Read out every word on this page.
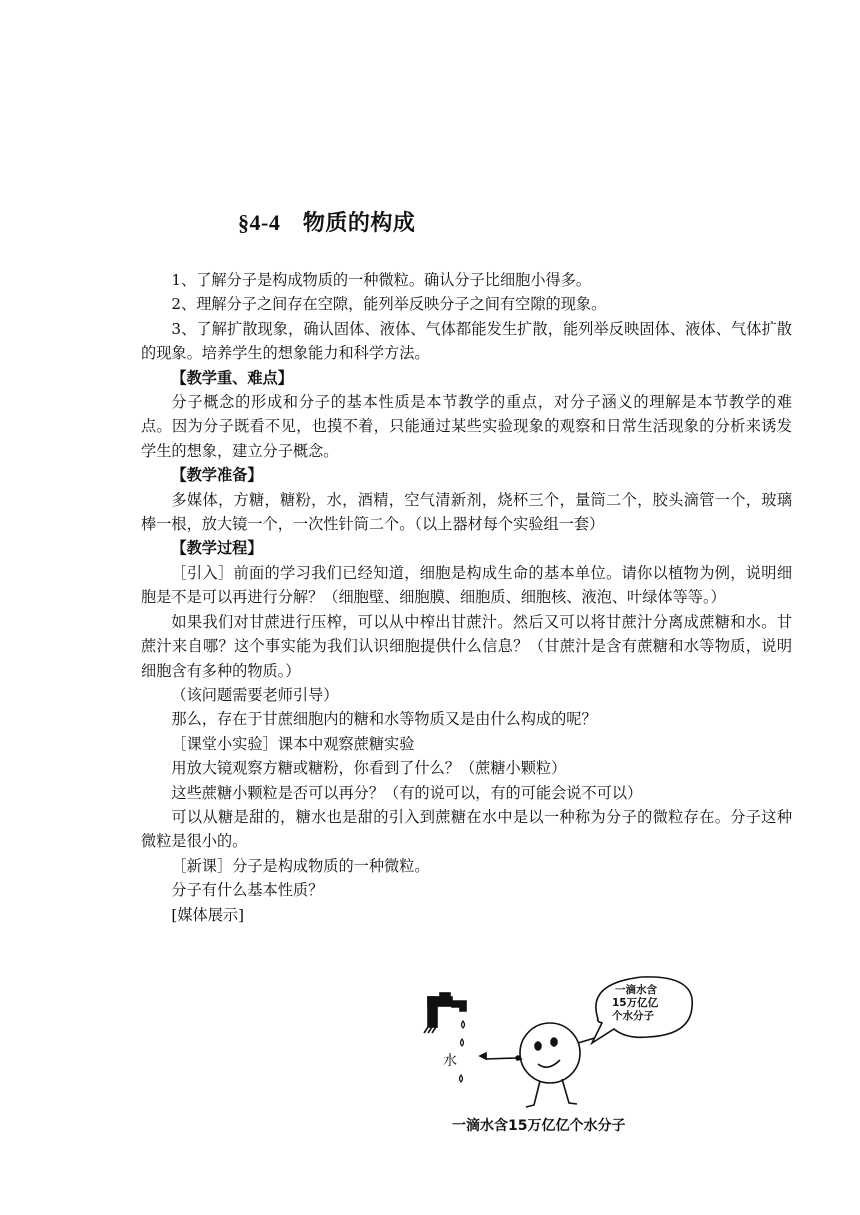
§4-4　物质的构成

1、了解分子是构成物质的一种微粒。确认分子比细胞小得多。

2、理解分子之间存在空隙，能列举反映分子之间有空隙的现象。

3、了解扩散现象，确认固体、液体、气体都能发生扩散，能列举反映固体、液体、气体扩散的现象。培养学生的想象能力和科学方法。

【教学重、难点】

分子概念的形成和分子的基本性质是本节教学的重点，对分子涵义的理解是本节教学的难点。因为分子既看不见，也摸不着，只能通过某些实验现象的观察和日常生活现象的分析来诱发学生的想象，建立分子概念。

【教学准备】

多媒体，方糖，糖粉，水，酒精，空气清新剂，烧杯三个，量筒二个，胶头滴管一个，玻璃棒一根，放大镜一个，一次性针筒二个。（以上器材每个实验组一套）

【教学过程】

［引入］前面的学习我们已经知道，细胞是构成生命的基本单位。请你以植物为例，说明细胞是不是可以再进行分解？（细胞壁、细胞膜、细胞质、细胞核、液泡、叶绿体等等。）

如果我们对甘蔗进行压榨，可以从中榨出甘蔗汁。然后又可以将甘蔗汁分离成蔗糖和水。甘蔗汁来自哪？这个事实能为我们认识细胞提供什么信息？（甘蔗汁是含有蔗糖和水等物质，说明细胞含有多种的物质。）

（该问题需要老师引导）

那么，存在于甘蔗细胞内的糖和水等物质又是由什么构成的呢？

［课堂小实验］课本中观察蔗糖实验

用放大镜观察方糖或糖粉，你看到了什么？（蔗糖小颗粒）

这些蔗糖小颗粒是否可以再分？（有的说可以，有的可能会说不可以）

可以从糖是甜的，糖水也是甜的引入到蔗糖在水中是以一种称为分子的微粒存在。分子这种微粒是很小的。

［新课］分子是构成物质的一种微粒。

分子有什么基本性质？

[媒体展示]

水
一滴水含
15万亿亿
个水分子
一滴水含15万亿亿个水分子
